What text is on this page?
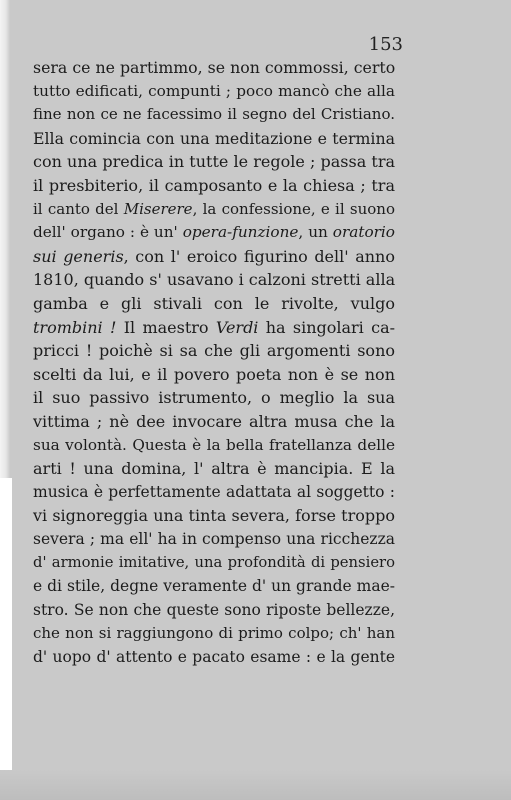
153

sera ce ne partimmo, se non commossi, certo
tutto edificati, compunti ; poco mancò che alla
fine non ce ne facessimo il segno del Cristiano.
Ella comincia con una meditazione e termina
con una predica in tutte le regole ; passa tra
il presbiterio, il camposanto e la chiesa ; tra
il canto del Miserere, la confessione, e il suono
dell' organo : è un' opera-funzione, un oratorio
sui generis, con l' eroico figurino dell' anno
1810, quando s' usavano i calzoni stretti alla
gamba e gli stivali con le rivolte, vulgo
trombini ! Il maestro Verdi ha singolari ca-
pricci ! poichè si sa che gli argomenti sono
scelti da lui, e il povero poeta non è se non
il suo passivo istrumento, o meglio la sua
vittima ; nè dee invocare altra musa che la
sua volontà. Questa è la bella fratellanza delle
arti ! una domina, l' altra è mancipia. E la
musica è perfettamente adattata al soggetto :
vi signoreggia una tinta severa, forse troppo
severa ; ma ell' ha in compenso una ricchezza
d' armonie imitative, una profondità di pensiero
e di stile, degne veramente d' un grande mae-
stro. Se non che queste sono riposte bellezze,
che non si raggiungono di primo colpo; ch' han
d' uopo d' attento e pacato esame : e la gente
